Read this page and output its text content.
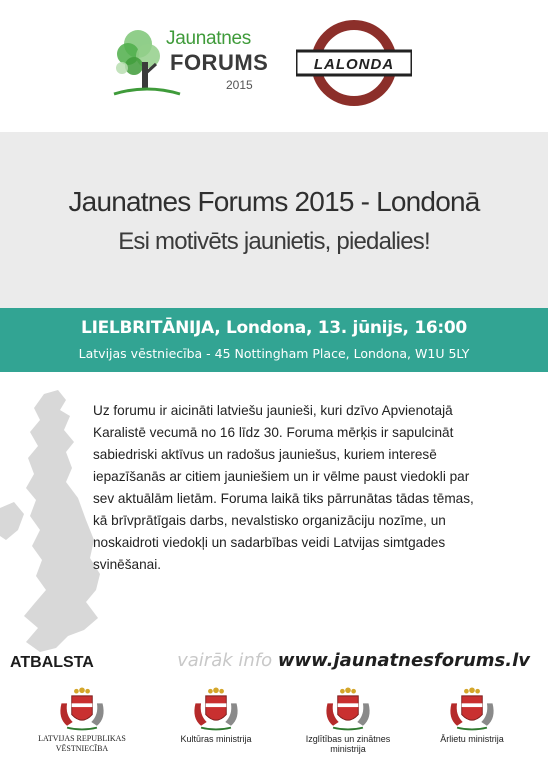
Jaunatnes
FORUMS
2015
LALONDA
Jaunatnes Forums 2015 - Londonā
Esi motivēts jaunietis, piedalies!
LIELBRITĀNIJA, Londona, 13. jūnijs, 16:00
Latvijas vēstniecība - 45 Nottingham Place, Londona, W1U 5LY
Uz forumu ir aicināti latviešu jaunieši, kuri dzīvo Apvienotajā
Karalistē vecumā no 16 līdz 30. Foruma mērķis ir sapulcināt
sabiedriski aktīvus un radošus jauniešus, kuriem interesē
iepazīšanās ar citiem jauniešiem un ir vēlme paust viedokli par
sev aktuālām lietām. Foruma laikā tiks pārrunātas tādas tēmas,
kā brīvprātīgais darbs, nevalstisko organizāciju nozīme, un
noskaidroti viedokļi un sadarbības veidi Latvijas simtgades
svinēšanai.
ATBALSTA	vairāk info www.jaunatnesforums.lv
LATVIJAS REPUBLIKAS VĒSTNIECĪBA
Kultūras ministrija	Izglītības un zinātnes
ministrija
Ārlietu ministrija
